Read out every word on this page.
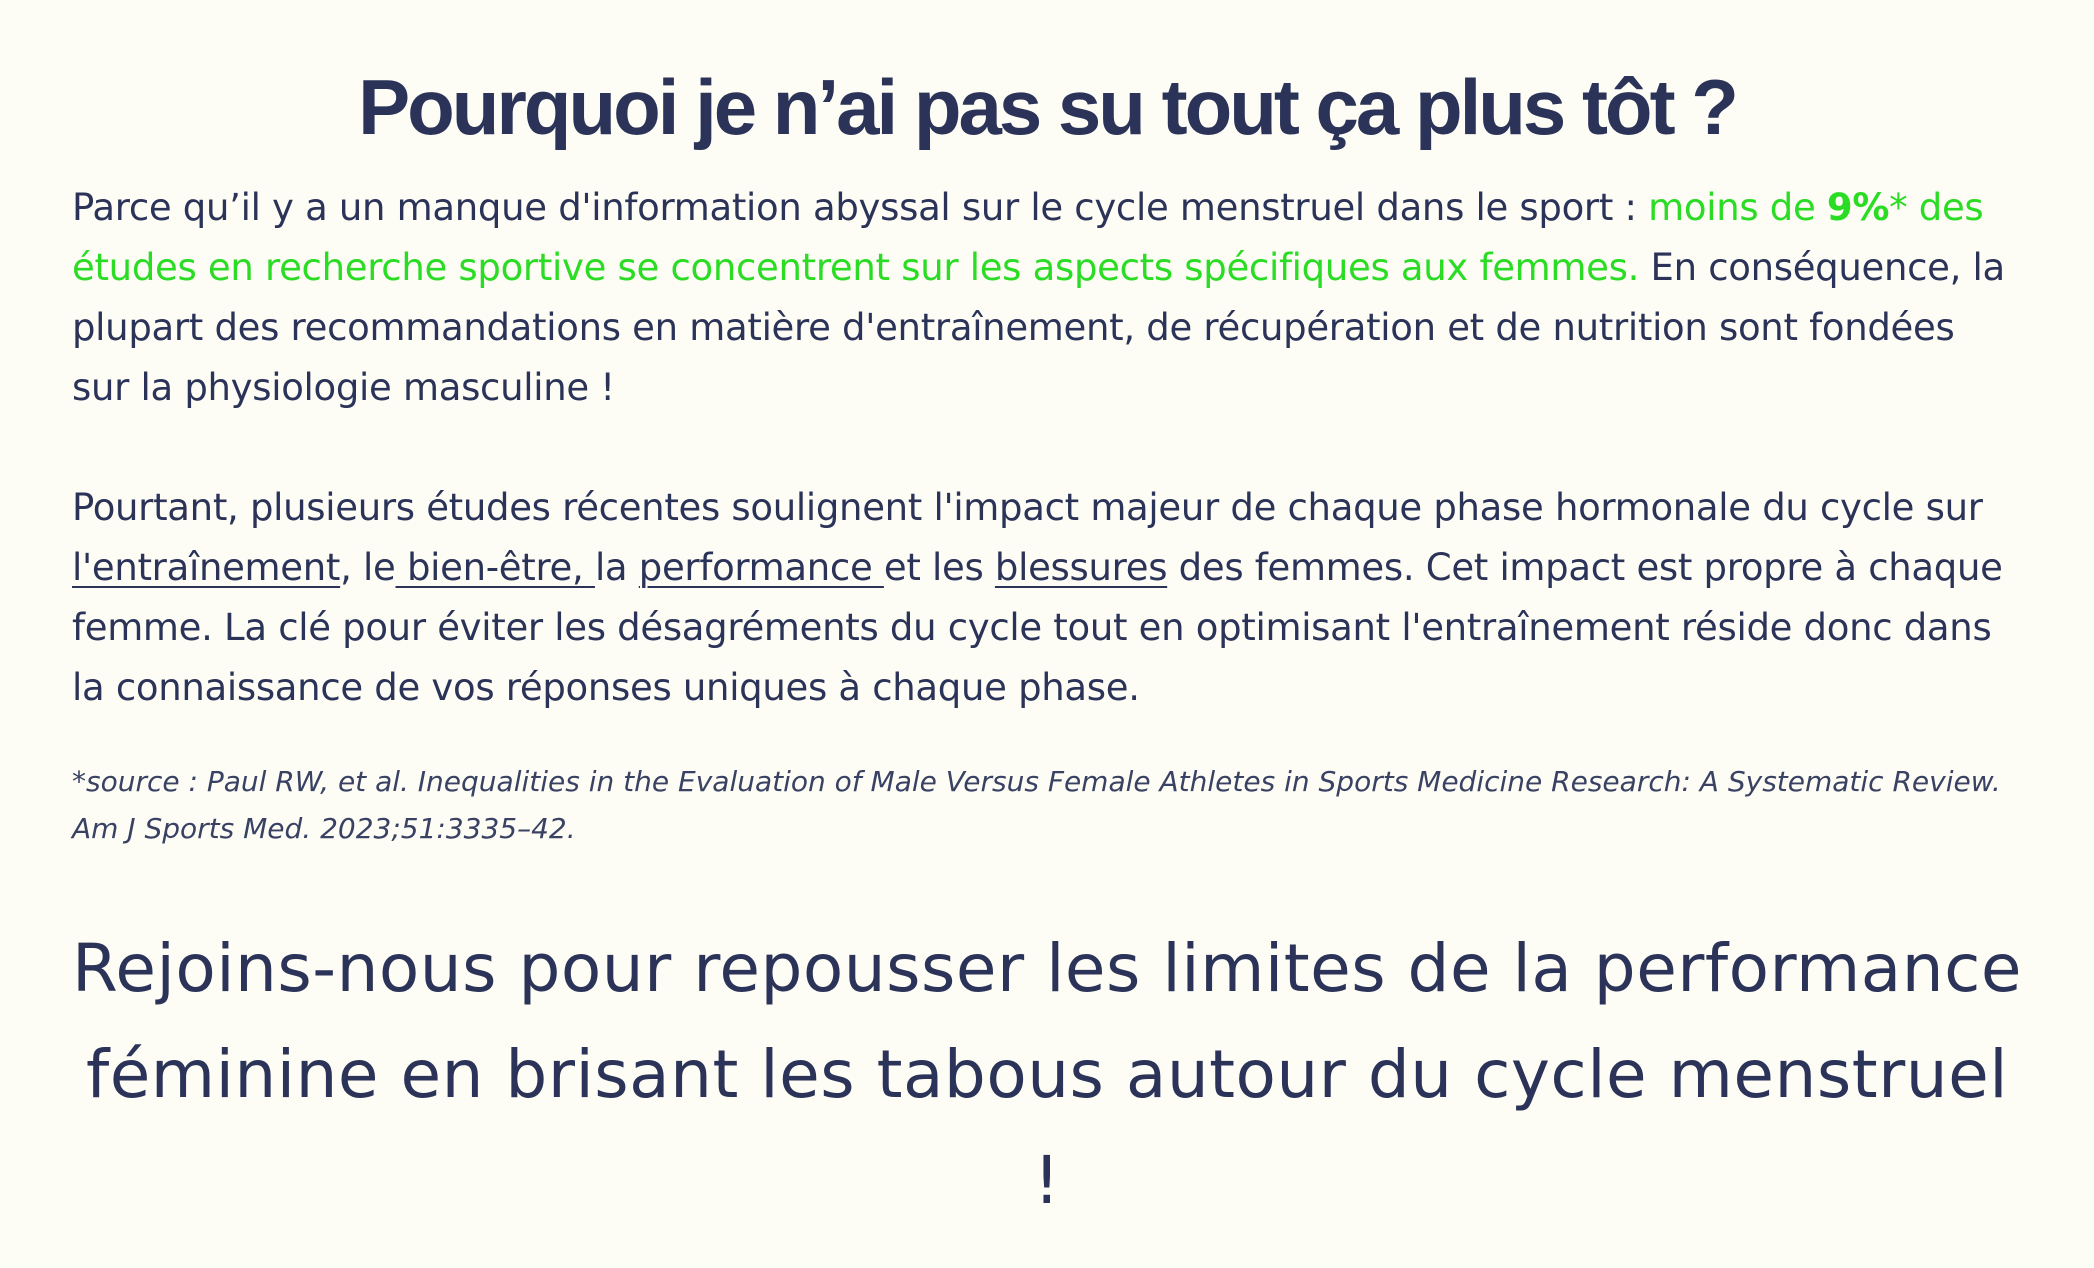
Pourquoi je n’ai pas su tout ça plus tôt ?

Parce qu’il y a un manque d'information abyssal sur le cycle menstruel dans le sport : moins de 9%* des études en recherche sportive se concentrent sur les aspects spécifiques aux femmes. En conséquence, la plupart des recommandations en matière d'entraînement, de récupération et de nutrition sont fondées sur la physiologie masculine !

Pourtant, plusieurs études récentes soulignent l'impact majeur de chaque phase hormonale du cycle sur l'entraînement, le bien-être, la performance et les blessures des femmes. Cet impact est propre à chaque femme. La clé pour éviter les désagréments du cycle tout en optimisant l'entraînement réside donc dans la connaissance de vos réponses uniques à chaque phase.

*source : Paul RW, et al. Inequalities in the Evaluation of Male Versus Female Athletes in Sports Medicine Research: A Systematic Review. Am J Sports Med. 2023;51:3335–42.

Rejoins-nous pour repousser les limites de la performance féminine en brisant les tabous autour du cycle menstruel !
